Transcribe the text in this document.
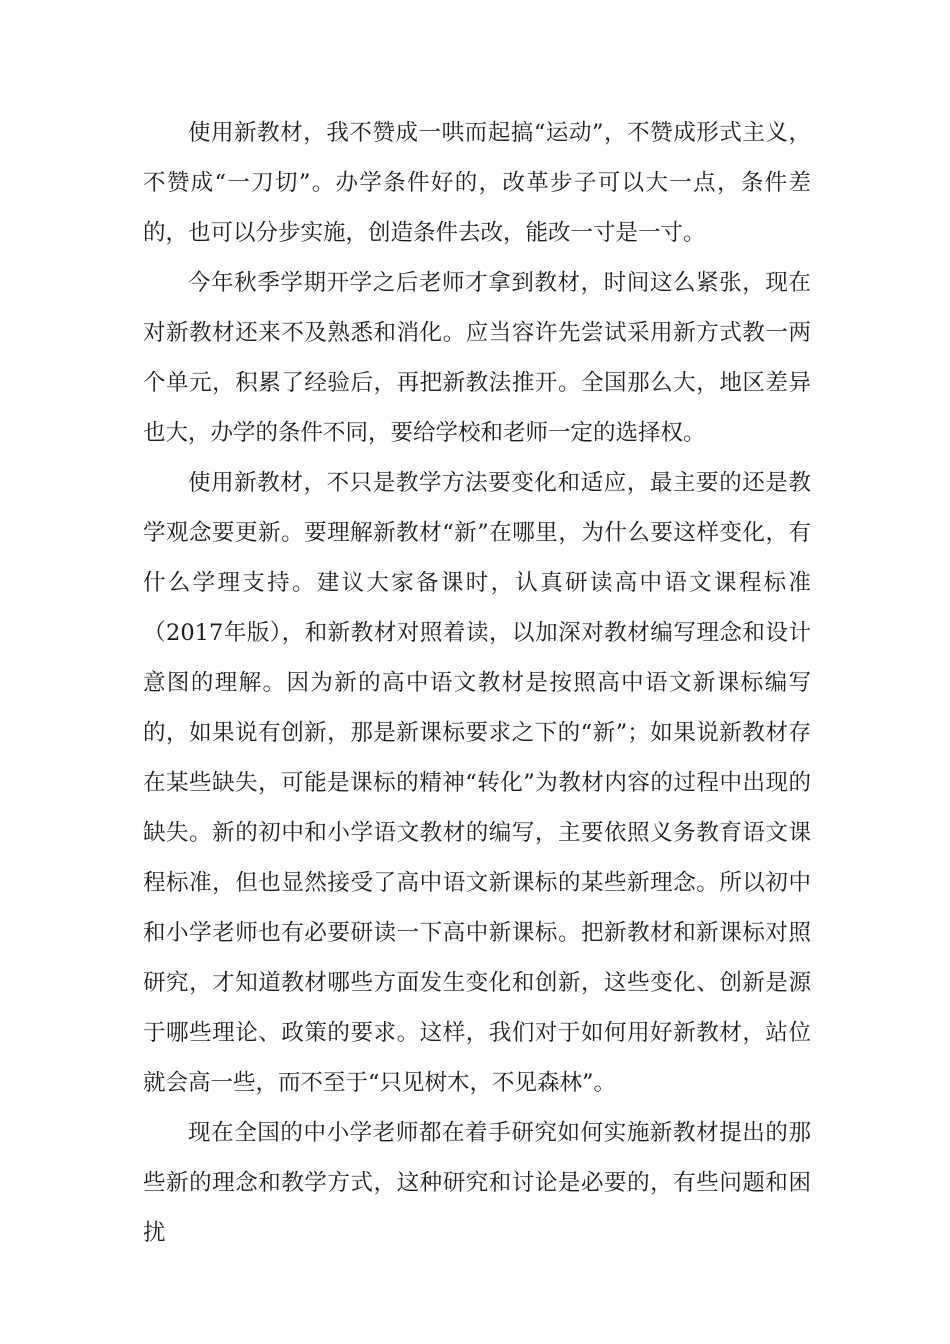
使用新教材，我不赞成一哄而起搞“运动”，不赞成形式主义，不赞成“一刀切”。办学条件好的，改革步子可以大一点，条件差的，也可以分步实施，创造条件去改，能改一寸是一寸。

今年秋季学期开学之后老师才拿到教材，时间这么紧张，现在对新教材还来不及熟悉和消化。应当容许先尝试采用新方式教一两个单元，积累了经验后，再把新教法推开。全国那么大，地区差异也大，办学的条件不同，要给学校和老师一定的选择权。

使用新教材，不只是教学方法要变化和适应，最主要的还是教学观念要更新。要理解新教材“新”在哪里，为什么要这样变化，有什么学理支持。建议大家备课时，认真研读高中语文课程标准（2017年版），和新教材对照着读，以加深对教材编写理念和设计意图的理解。因为新的高中语文教材是按照高中语文新课标编写的，如果说有创新，那是新课标要求之下的“新”；如果说新教材存在某些缺失，可能是课标的精神“转化”为教材内容的过程中出现的缺失。新的初中和小学语文教材的编写，主要依照义务教育语文课程标准，但也显然接受了高中语文新课标的某些新理念。所以初中和小学老师也有必要研读一下高中新课标。把新教材和新课标对照研究，才知道教材哪些方面发生变化和创新，这些变化、创新是源于哪些理论、政策的要求。这样，我们对于如何用好新教材，站位就会高一些，而不至于“只见树木，不见森林”。

现在全国的中小学老师都在着手研究如何实施新教材提出的那些新的理念和教学方式，这种研究和讨论是必要的，有些问题和困扰
